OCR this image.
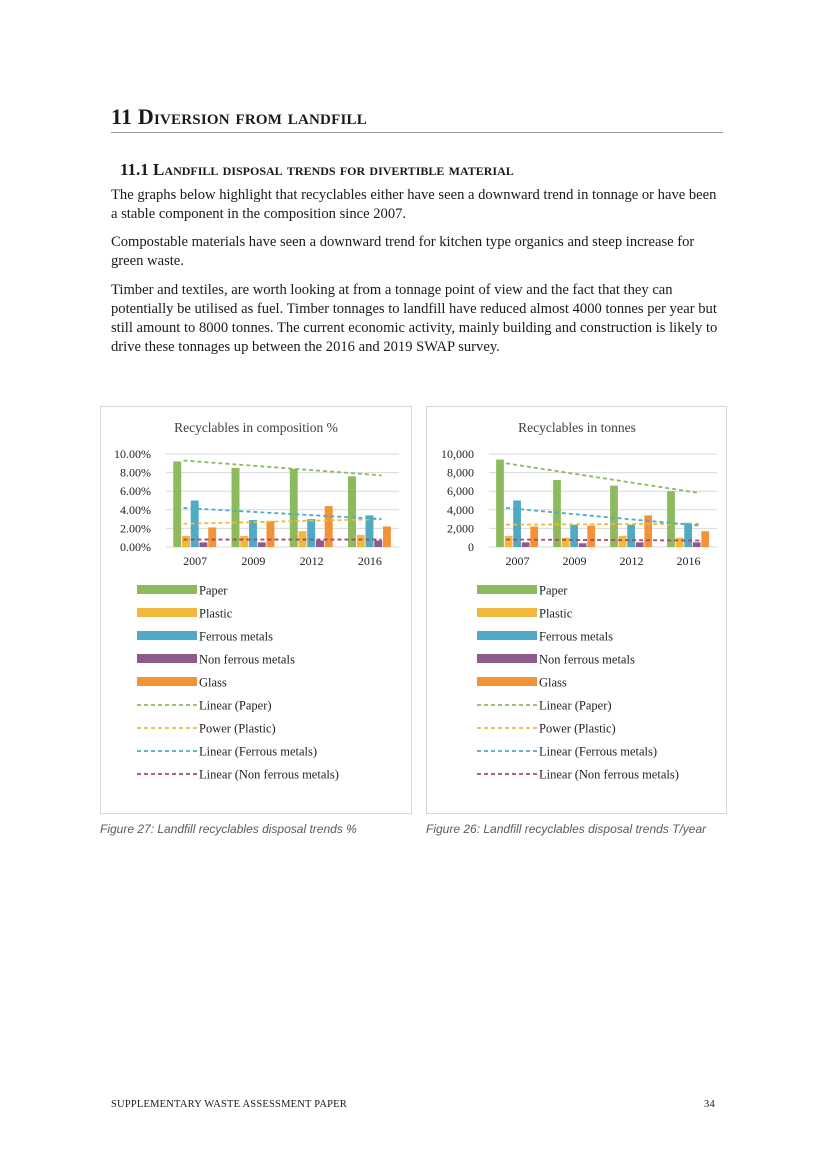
11 Diversion from landfill
11.1 Landfill disposal trends for divertible material
The graphs below highlight that recyclables either have seen a downward trend in tonnage or have been a stable component in the composition since 2007.
Compostable materials have seen a downward trend for kitchen type organics and steep increase for green waste.
Timber and textiles, are worth looking at from a tonnage point of view and the fact that they can potentially be utilised as fuel. Timber tonnages to landfill have reduced almost 4000 tonnes per year but still amount to 8000 tonnes. The current economic activity, mainly building and construction is likely to drive these tonnages up between the 2016 and 2019 SWAP survey.
Recyclables in composition %
0.00%
2.00%
4.00%
6.00%
8.00%
10.00%
2007	2009	2012	2016
Paper
Plastic
Ferrous metals
Non ferrous metals
Glass
Linear (Paper)
Power (Plastic)
Linear (Ferrous metals)
Linear (Non ferrous metals)
Recyclables in tonnes
0
2,000
4,000
6,000
8,000
10,000
2007	2009	2012	2016
Paper
Plastic
Ferrous metals
Non ferrous metals
Glass
Linear (Paper)
Power (Plastic)
Linear (Ferrous metals)
Linear (Non ferrous metals)
Figure 27: Landfill recyclables disposal trends %	Figure 26: Landfill recyclables disposal trends T/year
SUPPLEMENTARY WASTE ASSESSMENT PAPER	34
